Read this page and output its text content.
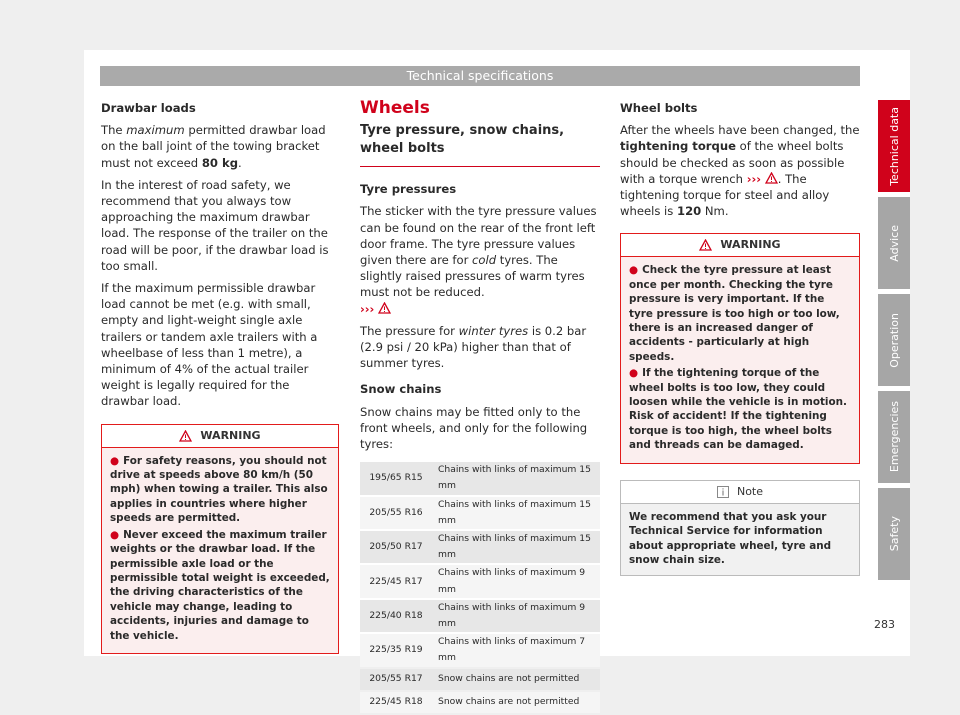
Technical specifications

Drawbar loads

The maximum permitted drawbar load on the ball joint of the towing bracket must not exceed 80 kg.

In the interest of road safety, we recommend that you always tow approaching the maximum drawbar load. The response of the trailer on the road will be poor, if the drawbar load is too small.

If the maximum permissible drawbar load cannot be met (e.g. with small, empty and light-weight single axle trailers or tandem axle trailers with a wheelbase of less than 1 metre), a minimum of 4% of the actual trailer weight is legally required for the drawbar load.

WARNING
● For safety reasons, you should not drive at speeds above 80 km/h (50 mph) when towing a trailer. This also applies in countries where higher speeds are permitted.
● Never exceed the maximum trailer weights or the drawbar load. If the permissible axle load or the permissible total weight is exceeded, the driving characteristics of the vehicle may change, leading to accidents, injuries and damage to the vehicle.

Wheels

Tyre pressure, snow chains, wheel bolts

Tyre pressures

The sticker with the tyre pressure values can be found on the rear of the front left door frame. The tyre pressure values given there are for cold tyres. The slightly raised pressures of warm tyres must not be reduced.
›››

The pressure for winter tyres is 0.2 bar (2.9 psi / 20 kPa) higher than that of summer tyres.

Snow chains

Snow chains may be fitted only to the front wheels, and only for the following tyres:

195/65 R15	Chains with links of maximum 15 mm
205/55 R16	Chains with links of maximum 15 mm
205/50 R17	Chains with links of maximum 15 mm
225/45 R17	Chains with links of maximum 9 mm
225/40 R18	Chains with links of maximum 9 mm
225/35 R19	Chains with links of maximum 7 mm
205/55 R17	Snow chains are not permitted
225/45 R18	Snow chains are not permitted

Wheel bolts

After the wheels have been changed, the tightening torque of the wheel bolts should be checked as soon as possible with a torque wrench ››› . The tightening torque for steel and alloy wheels is 120 Nm.

WARNING
● Check the tyre pressure at least once per month. Checking the tyre pressure is very important. If the tyre pressure is too high or too low, there is an increased danger of accidents - particularly at high speeds.
● If the tightening torque of the wheel bolts is too low, they could loosen while the vehicle is in motion. Risk of accident! If the tightening torque is too high, the wheel bolts and threads can be damaged.
Note
We recommend that you ask your Technical Service for information about appropriate wheel, tyre and snow chain size.
Technical data
Advice
Operation
Emergencies
Safety
283
